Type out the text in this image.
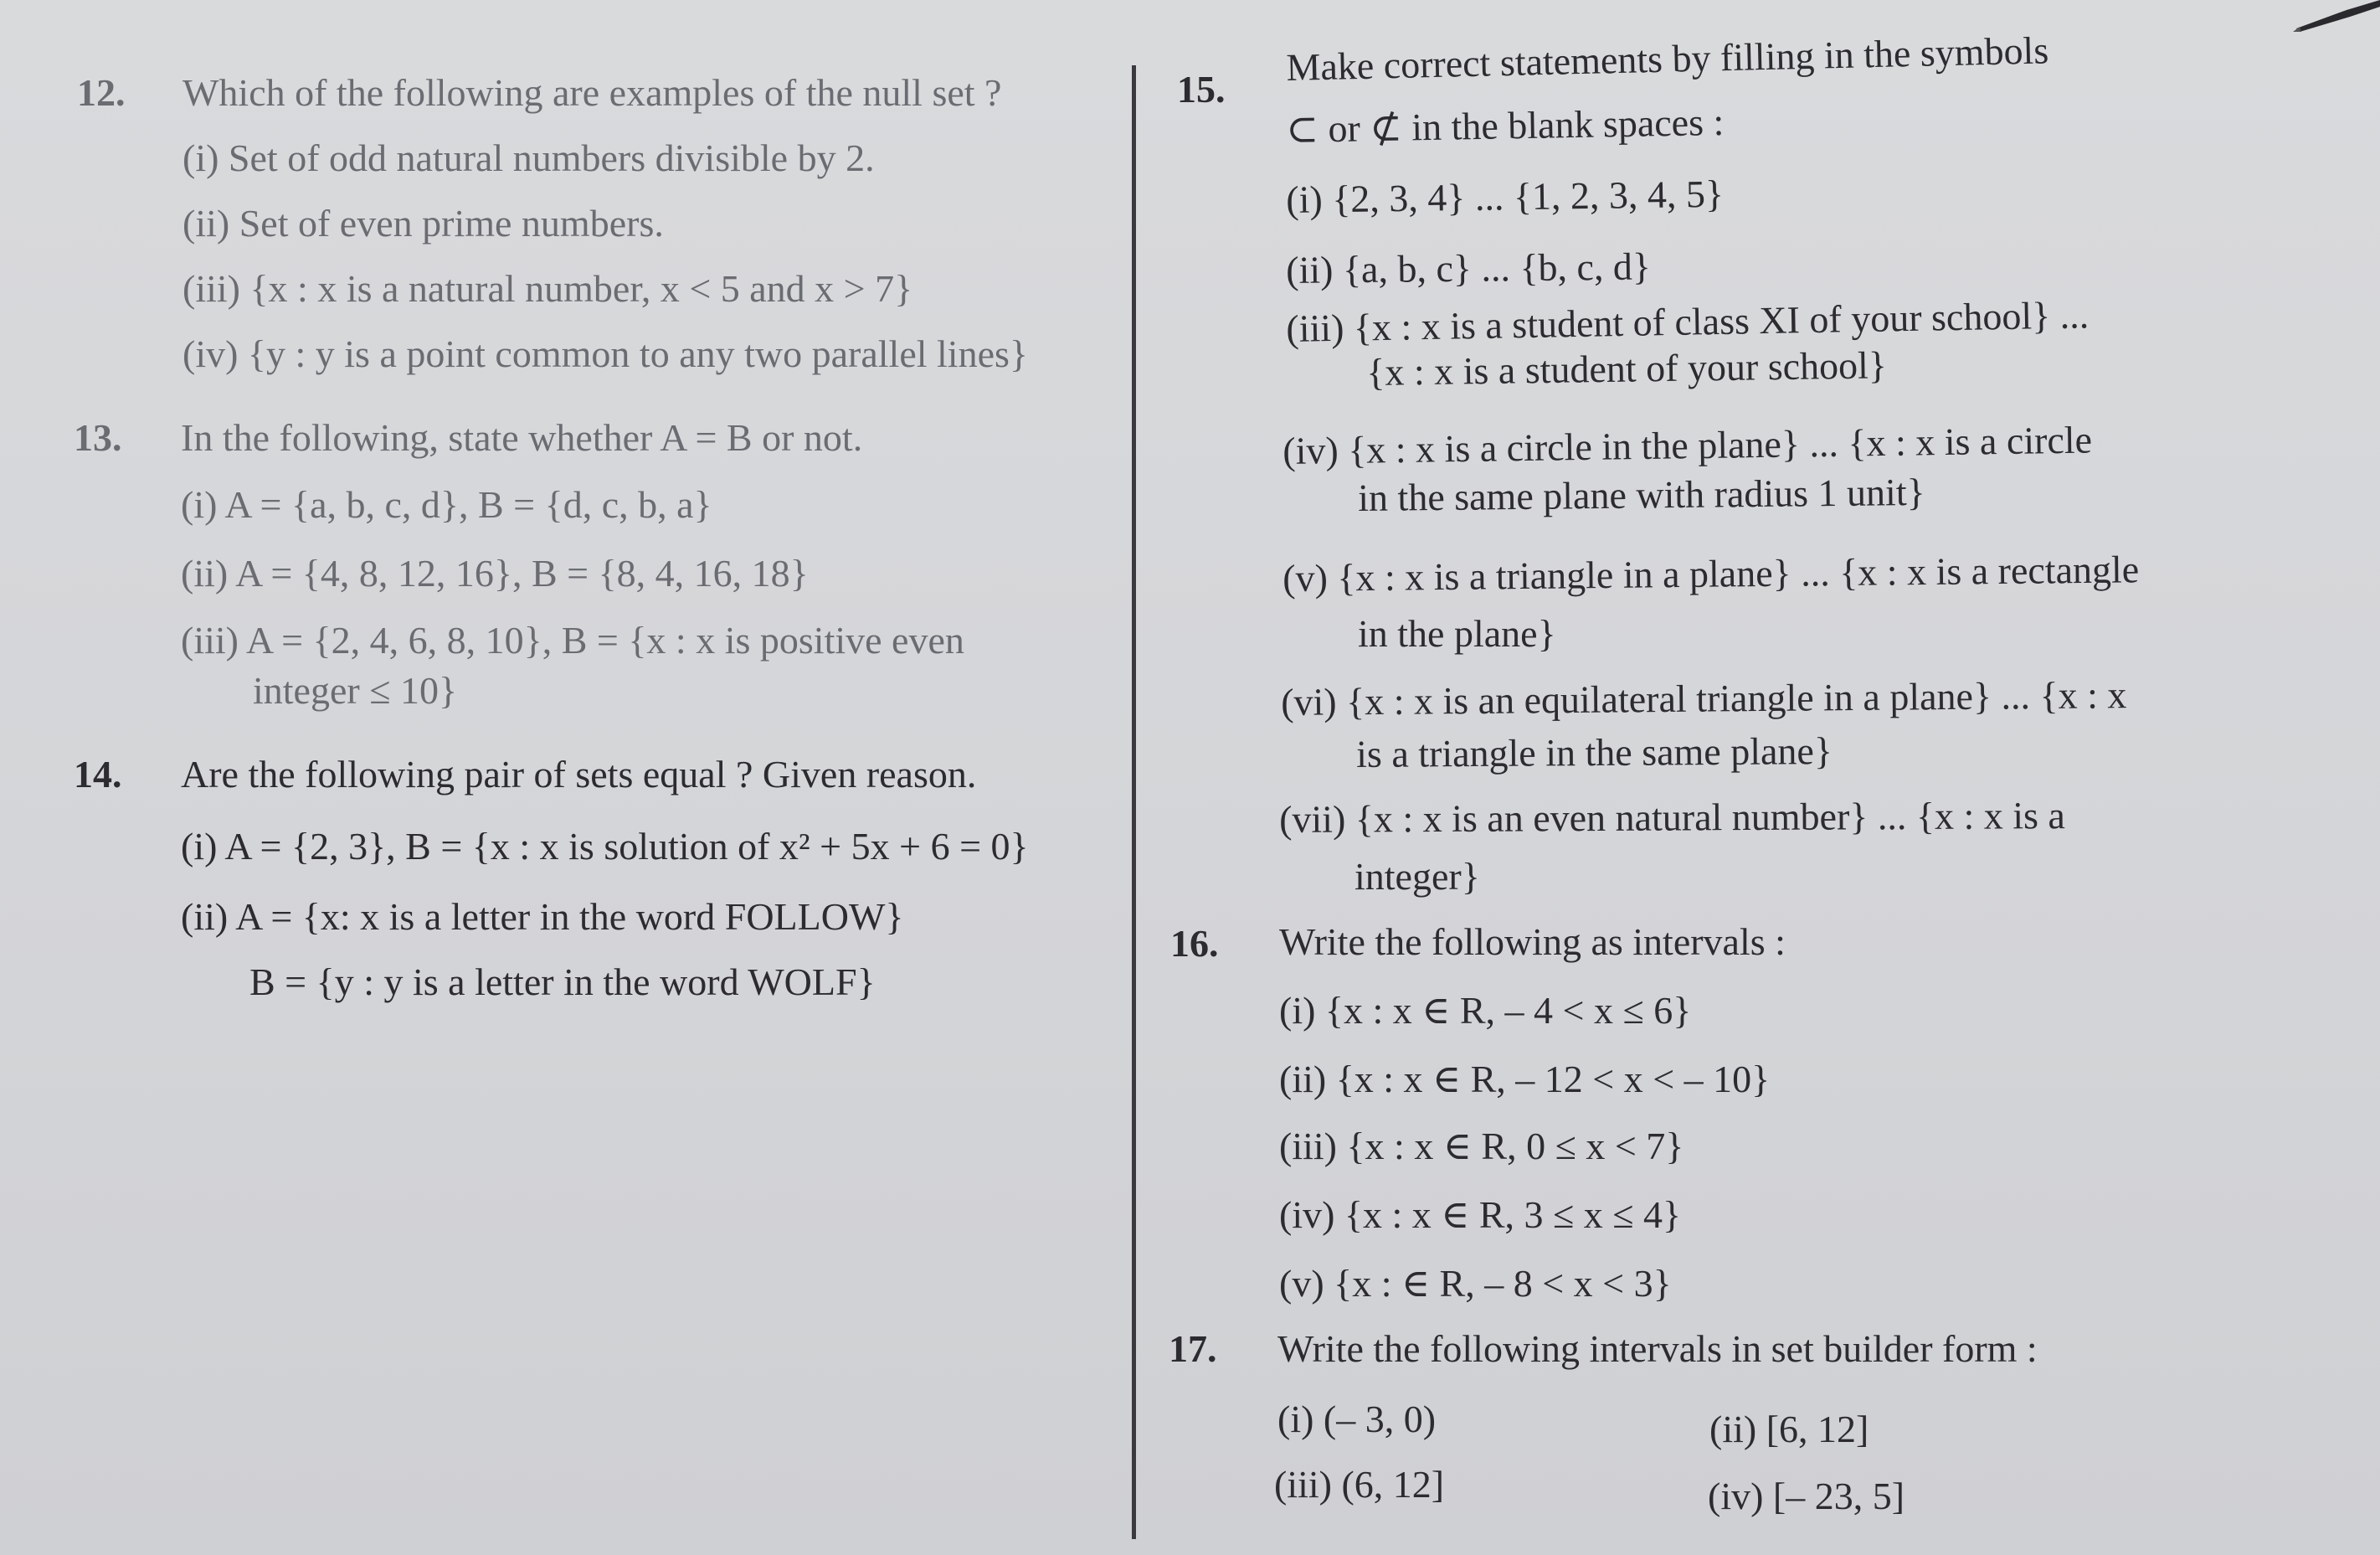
12. Which of the following are examples of the null set ?
(i) Set of odd natural numbers divisible by 2.
(ii) Set of even prime numbers.
(iii) {x : x is a natural number, x < 5 and x > 7}
(iv) {y : y is a point common to any two parallel lines}
13. In the following, state whether A = B or not.
(i) A = {a, b, c, d}, B = {d, c, b, a}
(ii) A = {4, 8, 12, 16}, B = {8, 4, 16, 18}
(iii) A = {2, 4, 6, 8, 10}, B = {x : x is positive even
integer ≤ 10}
14. Are the following pair of sets equal ? Given reason.
(i) A = {2, 3}, B = {x : x is solution of x² + 5x + 6 = 0}
(ii) A = {x: x is a letter in the word FOLLOW}
B = {y : y is a letter in the word WOLF}
15.
Make correct statements by filling in the symbols
⊂ or ⊄ in the blank spaces :
(i) {2, 3, 4} ... {1, 2, 3, 4, 5}
(ii) {a, b, c} ... {b, c, d}
(iii) {x : x is a student of class XI of your school} ...
{x : x is a student of your school}
(iv) {x : x is a circle in the plane} ... {x : x is a circle
in the same plane with radius 1 unit}
(v) {x : x is a triangle in a plane} ... {x : x is a rectangle
in the plane}
(vi) {x : x is an equilateral triangle in a plane} ... {x : x
is a triangle in the same plane}
(vii) {x : x is an even natural number} ... {x : x is a
integer}
16. Write the following as intervals :
(i) {x : x ∈ R, – 4 < x ≤ 6}
(ii) {x : x ∈ R, – 12 < x < – 10}
(iii) {x : x ∈ R, 0 ≤ x < 7}
(iv) {x : x ∈ R, 3 ≤ x ≤ 4}
(v) {x : ∈ R, – 8 < x < 3}
17. Write the following intervals in set builder form :
(i) (– 3, 0)	(ii) [6, 12]
(iii) (6, 12]	(iv) [– 23, 5]
